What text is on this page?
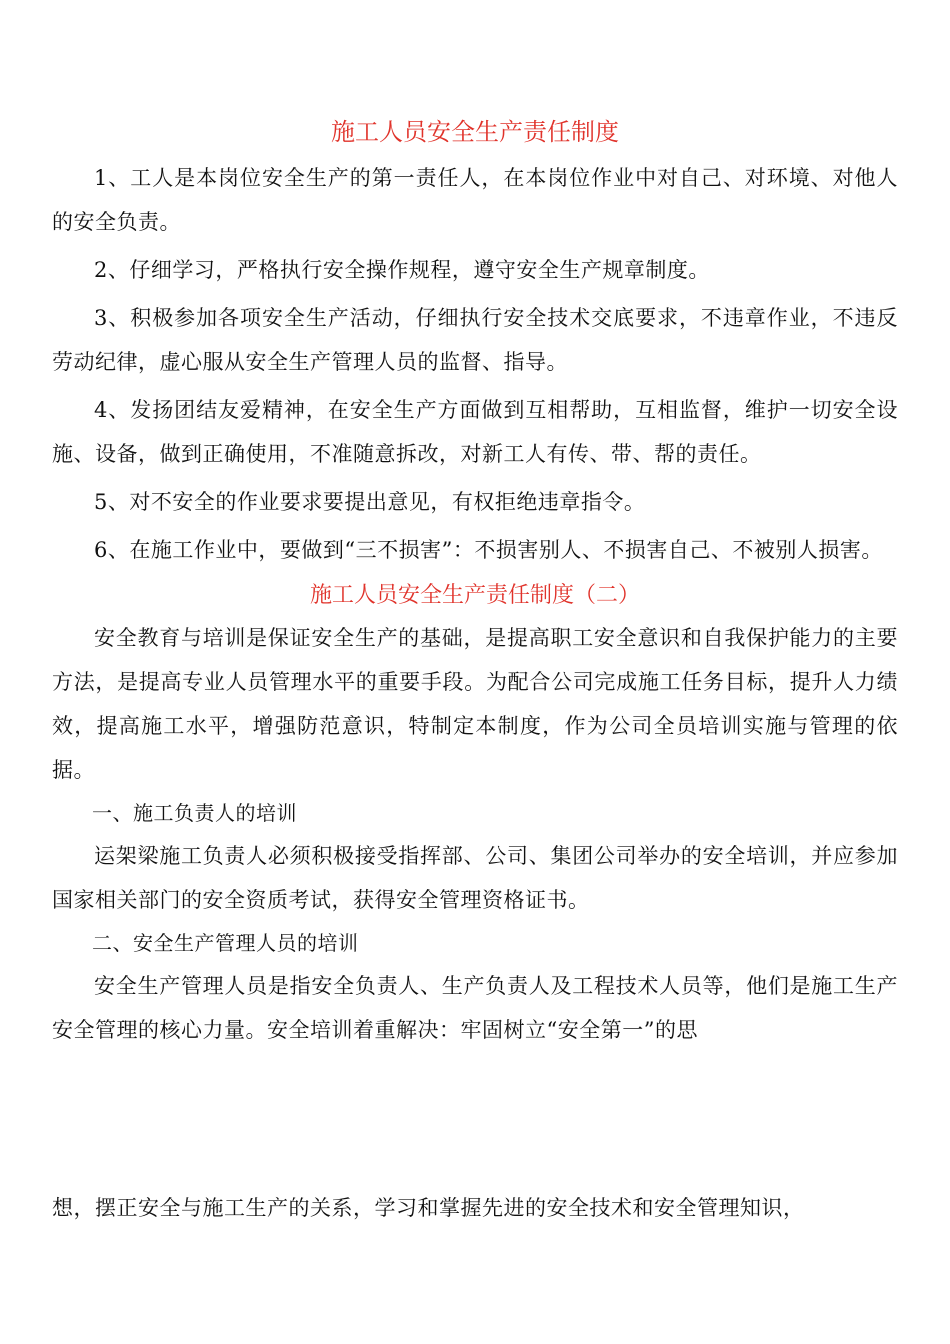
施工人员安全生产责任制度

1、工人是本岗位安全生产的第一责任人，在本岗位作业中对自己、对环境、对他人的安全负责。

2、仔细学习，严格执行安全操作规程，遵守安全生产规章制度。

3、积极参加各项安全生产活动，仔细执行安全技术交底要求，不违章作业，不违反劳动纪律，虚心服从安全生产管理人员的监督、指导。

4、发扬团结友爱精神，在安全生产方面做到互相帮助，互相监督，维护一切安全设施、设备，做到正确使用，不准随意拆改，对新工人有传、带、帮的责任。

5、对不安全的作业要求要提出意见，有权拒绝违章指令。

6、在施工作业中，要做到“三不损害”：不损害别人、不损害自己、不被别人损害。

施工人员安全生产责任制度（二）

安全教育与培训是保证安全生产的基础，是提高职工安全意识和自我保护能力的主要方法，是提高专业人员管理水平的重要手段。为配合公司完成施工任务目标，提升人力绩效，提高施工水平，增强防范意识，特制定本制度，作为公司全员培训实施与管理的依据。

一、施工负责人的培训

运架梁施工负责人必须积极接受指挥部、公司、集团公司举办的安全培训，并应参加国家相关部门的安全资质考试，获得安全管理资格证书。

二、安全生产管理人员的培训

安全生产管理人员是指安全负责人、生产负责人及工程技术人员等，他们是施工生产安全管理的核心力量。安全培训着重解决：牢固树立“安全第一”的思

想，摆正安全与施工生产的关系，学习和掌握先进的安全技术和安全管理知识，
